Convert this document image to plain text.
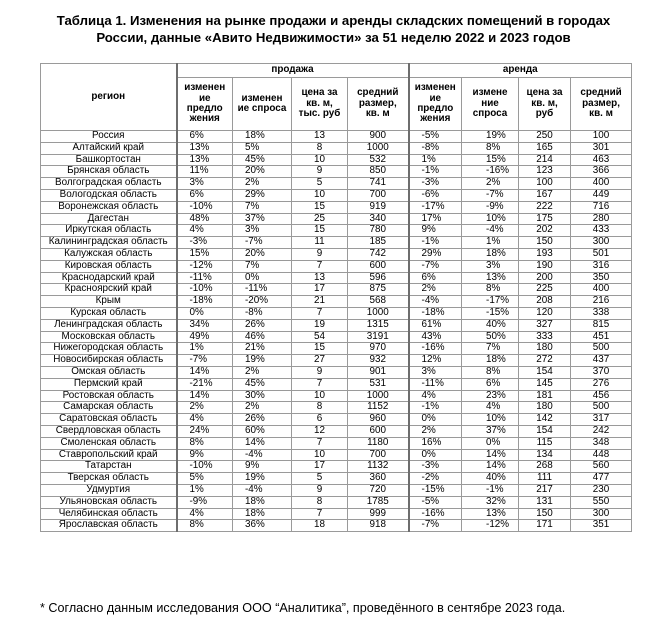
Таблица 1. Изменения на рынке продажи и аренды складских помещений в городах
России, данные «Авито Недвижимости» за 51 неделю 2022 и 2023 годов
регион	продажа				аренда			
	изменен ие предло жения	изменен ие спроса	цена за кв. м, тыс. руб	средний размер, кв. м	изменен ие предло жения	измене ние спроса	цена за кв. м, руб	средний размер, кв. м
Россия	6%	18%	13	900	-5%	19%	250	100
Алтайский край	13%	5%	8	1000	-8%	8%	165	301
Башкортостан	13%	45%	10	532	1%	15%	214	463
Брянская область	11%	20%	9	850	-1%	-16%	123	366
Волгоградская область	3%	2%	5	741	-3%	2%	100	400
Вологодская область	6%	29%	10	700	-6%	-7%	167	449
Воронежская область	-10%	7%	15	919	-17%	-9%	222	716
Дагестан	48%	37%	25	340	17%	10%	175	280
Иркутская область	4%	3%	15	780	9%	-4%	202	433
Калининградская область	-3%	-7%	11	185	-1%	1%	150	300
Калужская область	15%	20%	9	742	29%	18%	193	501
Кировская область	-12%	7%	7	600	-7%	3%	190	316
Краснодарский край	-11%	0%	13	596	6%	13%	200	350
Красноярский край	-10%	-11%	17	875	2%	8%	225	400
Крым	-18%	-20%	21	568	-4%	-17%	208	216
Курская область	0%	-8%	7	1000	-18%	-15%	120	338
Ленинградская область	34%	26%	19	1315	61%	40%	327	815
Московская область	49%	46%	54	3191	43%	50%	333	451
Нижегородская область	1%	21%	15	970	-16%	7%	180	500
Новосибирская область	-7%	19%	27	932	12%	18%	272	437
Омская область	14%	2%	9	901	3%	8%	154	370
Пермский край	-21%	45%	7	531	-11%	6%	145	276
Ростовская область	14%	30%	10	1000	4%	23%	181	456
Самарская область	2%	2%	8	1152	-1%	4%	180	500
Саратовская область	4%	26%	6	960	0%	10%	142	317
Свердловская область	24%	60%	12	600	2%	37%	154	242
Смоленская область	8%	14%	7	1180	16%	0%	115	348
Ставропольский край	9%	-4%	10	700	0%	14%	134	448
Татарстан	-10%	9%	17	1132	-3%	14%	268	560
Тверская область	5%	19%	5	360	-2%	40%	111	477
Удмуртия	1%	-4%	9	720	-15%	-1%	217	230
Ульяновская область	-9%	18%	8	1785	-5%	32%	131	550
Челябинская область	4%	18%	7	999	-16%	13%	150	300
Ярославская область	8%	36%	18	918	-7%	-12%	171	351
* Согласно данным исследования ООО “Аналитика”, проведённого в сентябре 2023 года.
